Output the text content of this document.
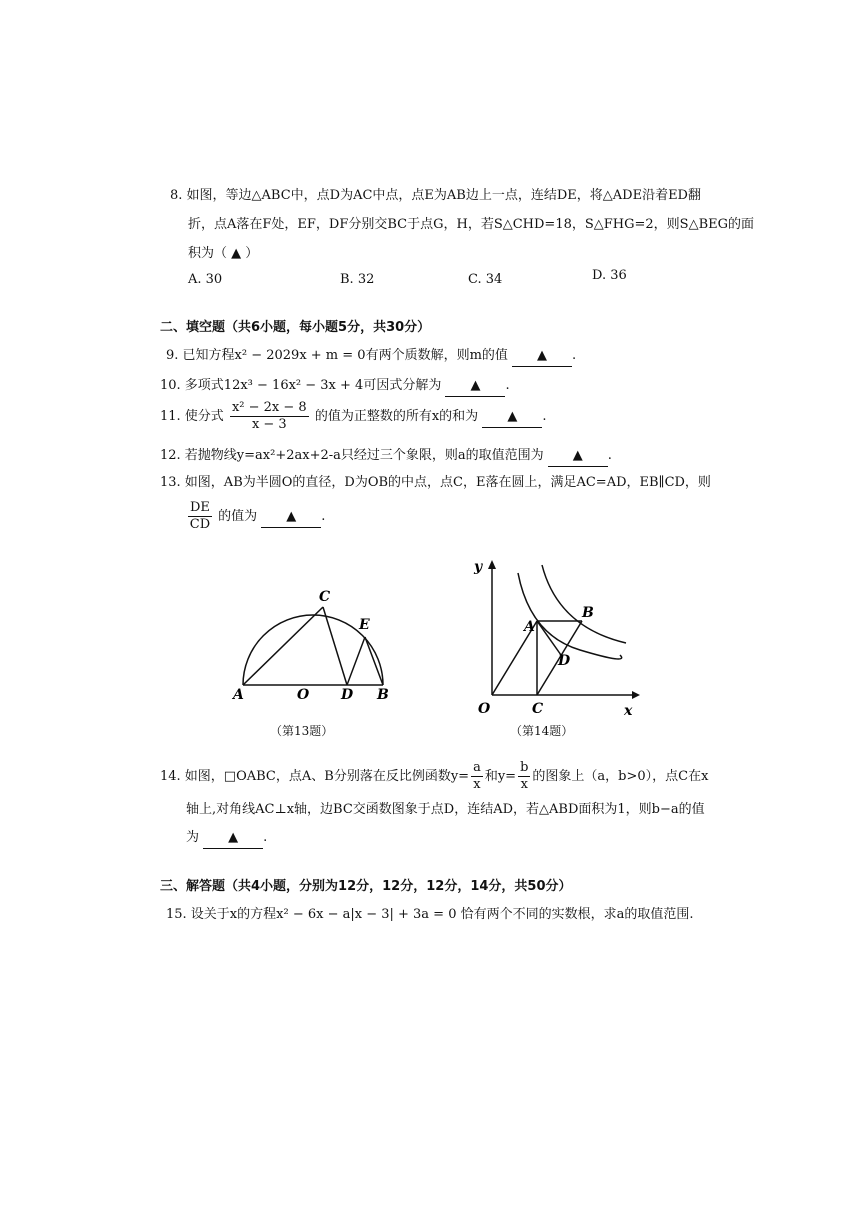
8. 如图，等边△ABC中，点D为AC中点，点E为AB边上一点，连结DE，将△ADE沿着ED翻
折，点A落在F处，EF，DF分别交BC于点G，H，若S△CHD=18，S△FHG=2，则S△BEG的面
积为（ ▲ ）
A. 30	B. 32	C. 34	D. 36
二、填空题（共6小题，每小题5分，共30分）
9. 已知方程x² − 2029x + m = 0有两个质数解，则m的值 ▲ .
10. 多项式12x³ − 16x² − 3x + 4可因式分解为 ▲ .
11. 使分式 $\frac{\text{x² − 2x − 8}}{x - 3}$ 的值为正整数的所有x的和为 ▲ .
12. 若抛物线y=ax²+2ax+2-a只经过三个象限，则a的取值范围为 ▲ .
13. 如图，AB为半圆O的直径，D为OB的中点，点C，E落在圆上，满足AC=AD，EB∥CD，则
$\frac{DE}{CD}$ 的值为 ▲ .
A	O D B
C
E
（第13题）
y
x
O	C
A
B
D
（第14题）
14. 如图，□OABC，点A、B分别落在反比例函数$y= \frac{a}{x}$ 和$y= \frac{b}{x}$ 的图象上（a，b>0），点C在x
轴上,对角线AC⊥x轴，边BC交函数图象于点D，连结AD，若△ABD面积为1，则b−a的值
为 ▲ .
三、解答题（共4小题，分别为12分，12分，12分，14分，共50分）
15. 设关于x的方程x² − 6x − a|x − 3| + 3a = 0 恰有两个不同的实数根，求a的取值范围.
